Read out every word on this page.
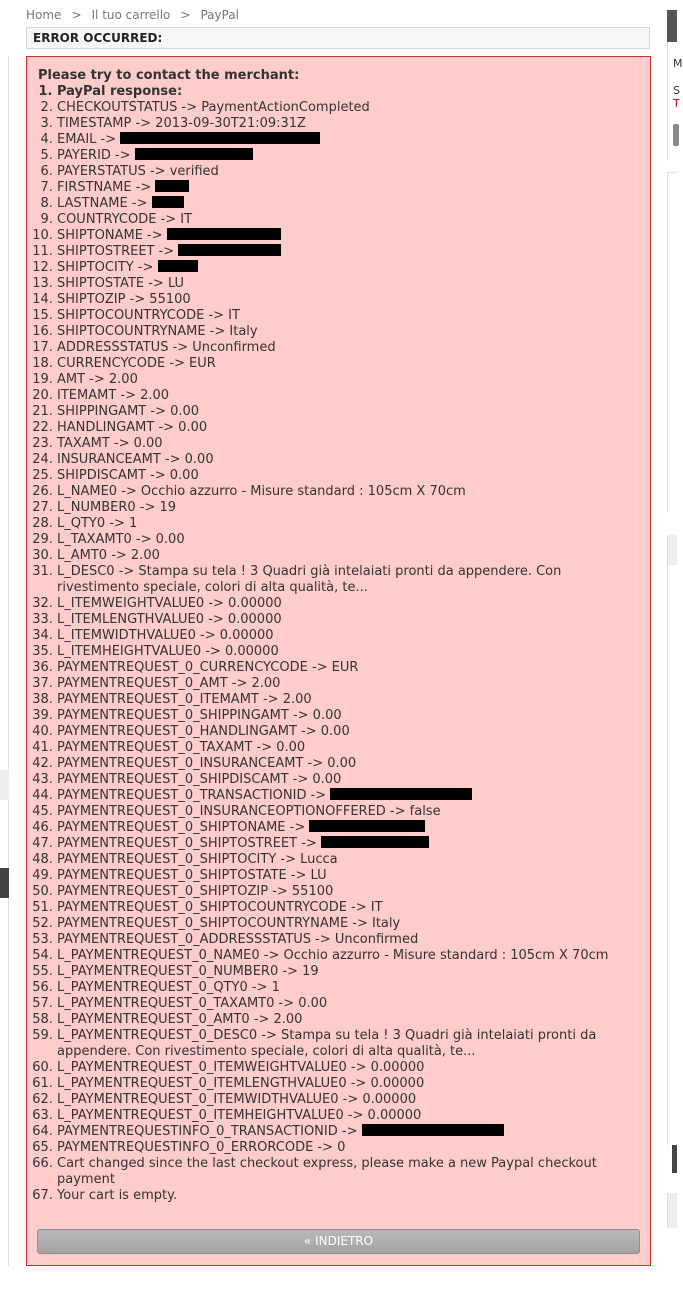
Home > Il tuo carrello > PayPal
ERROR OCCURRED:
Please try to contact the merchant:
1. PayPal response:
2. CHECKOUTSTATUS -> PaymentActionCompleted
3. TIMESTAMP -> 2013-09-30T21:09:31Z
4. EMAIL ->
5. PAYERID ->
6. PAYERSTATUS -> verified
7. FIRSTNAME ->
8. LASTNAME ->
9. COUNTRYCODE -> IT
10. SHIPTONAME ->
11. SHIPTOSTREET ->
12. SHIPTOCITY ->
13. SHIPTOSTATE -> LU
14. SHIPTOZIP -> 55100
15. SHIPTOCOUNTRYCODE -> IT
16. SHIPTOCOUNTRYNAME -> Italy
17. ADDRESSSTATUS -> Unconfirmed
18. CURRENCYCODE -> EUR
19. AMT -> 2.00
20. ITEMAMT -> 2.00
21. SHIPPINGAMT -> 0.00
22. HANDLINGAMT -> 0.00
23. TAXAMT -> 0.00
24. INSURANCEAMT -> 0.00
25. SHIPDISCAMT -> 0.00
26. L_NAME0 -> Occhio azzurro - Misure standard : 105cm X 70cm
27. L_NUMBER0 -> 19
28. L_QTY0 -> 1
29. L_TAXAMT0 -> 0.00
30. L_AMT0 -> 2.00
31. L_DESC0 -> Stampa su tela ! 3 Quadri già intelaiati pronti da appendere. Con rivestimento speciale, colori di alta qualità, te...
32. L_ITEMWEIGHTVALUE0 -> 0.00000
33. L_ITEMLENGTHVALUE0 -> 0.00000
34. L_ITEMWIDTHVALUE0 -> 0.00000
35. L_ITEMHEIGHTVALUE0 -> 0.00000
36. PAYMENTREQUEST_0_CURRENCYCODE -> EUR
37. PAYMENTREQUEST_0_AMT -> 2.00
38. PAYMENTREQUEST_0_ITEMAMT -> 2.00
39. PAYMENTREQUEST_0_SHIPPINGAMT -> 0.00
40. PAYMENTREQUEST_0_HANDLINGAMT -> 0.00
41. PAYMENTREQUEST_0_TAXAMT -> 0.00
42. PAYMENTREQUEST_0_INSURANCEAMT -> 0.00
43. PAYMENTREQUEST_0_SHIPDISCAMT -> 0.00
44. PAYMENTREQUEST_0_TRANSACTIONID ->
45. PAYMENTREQUEST_0_INSURANCEOPTIONOFFERED -> false
46. PAYMENTREQUEST_0_SHIPTONAME ->
47. PAYMENTREQUEST_0_SHIPTOSTREET ->
48. PAYMENTREQUEST_0_SHIPTOCITY -> Lucca
49. PAYMENTREQUEST_0_SHIPTOSTATE -> LU
50. PAYMENTREQUEST_0_SHIPTOZIP -> 55100
51. PAYMENTREQUEST_0_SHIPTOCOUNTRYCODE -> IT
52. PAYMENTREQUEST_0_SHIPTOCOUNTRYNAME -> Italy
53. PAYMENTREQUEST_0_ADDRESSSTATUS -> Unconfirmed
54. L_PAYMENTREQUEST_0_NAME0 -> Occhio azzurro - Misure standard : 105cm X 70cm
55. L_PAYMENTREQUEST_0_NUMBER0 -> 19
56. L_PAYMENTREQUEST_0_QTY0 -> 1
57. L_PAYMENTREQUEST_0_TAXAMT0 -> 0.00
58. L_PAYMENTREQUEST_0_AMT0 -> 2.00
59. L_PAYMENTREQUEST_0_DESC0 -> Stampa su tela ! 3 Quadri già intelaiati pronti da appendere. Con rivestimento speciale, colori di alta qualità, te...
60. L_PAYMENTREQUEST_0_ITEMWEIGHTVALUE0 -> 0.00000
61. L_PAYMENTREQUEST_0_ITEMLENGTHVALUE0 -> 0.00000
62. L_PAYMENTREQUEST_0_ITEMWIDTHVALUE0 -> 0.00000
63. L_PAYMENTREQUEST_0_ITEMHEIGHTVALUE0 -> 0.00000
64. PAYMENTREQUESTINFO_0_TRANSACTIONID ->
65. PAYMENTREQUESTINFO_0_ERRORCODE -> 0
66. Cart changed since the last checkout express, please make a new Paypal checkout payment
67. Your cart is empty.
« INDIETRO
M
S
T
